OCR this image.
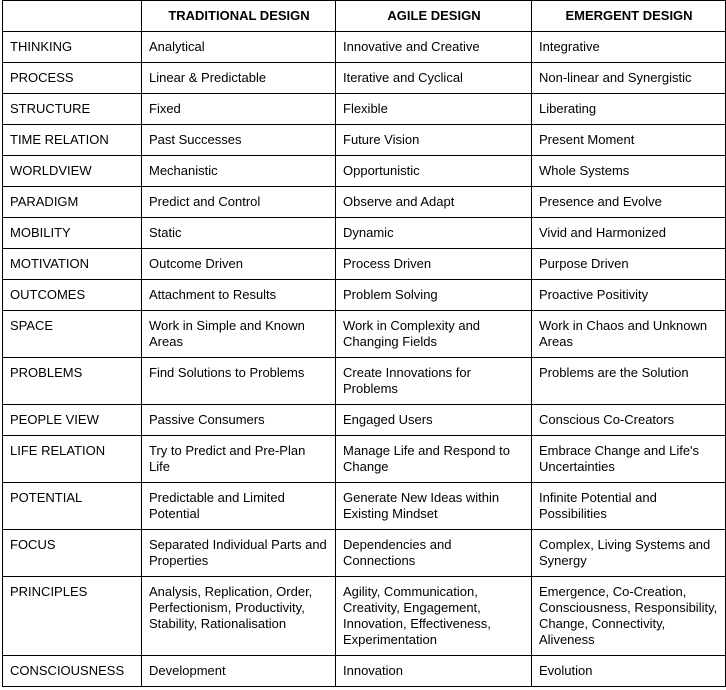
	TRADITIONAL DESIGN	AGILE DESIGN	EMERGENT DESIGN
THINKING	Analytical	Innovative and Creative	Integrative
PROCESS	Linear & Predictable	Iterative and Cyclical	Non-linear and Synergistic
STRUCTURE	Fixed	Flexible	Liberating
TIME RELATION	Past Successes	Future Vision	Present Moment
WORLDVIEW	Mechanistic	Opportunistic	Whole Systems
PARADIGM	Predict and Control	Observe and Adapt	Presence and Evolve
MOBILITY	Static	Dynamic	Vivid and Harmonized
MOTIVATION	Outcome Driven	Process Driven	Purpose Driven
OUTCOMES	Attachment to Results	Problem Solving	Proactive Positivity
SPACE	Work in Simple and Known Areas	Work in Complexity and Changing Fields	Work in Chaos and Unknown Areas
PROBLEMS	Find Solutions to Problems	Create Innovations for Problems	Problems are the Solution
PEOPLE VIEW	Passive Consumers	Engaged Users	Conscious Co-Creators
LIFE RELATION	Try to Predict and Pre-Plan Life	Manage Life and Respond to Change	Embrace Change and Life's Uncertainties
POTENTIAL	Predictable and Limited Potential	Generate New Ideas within Existing Mindset	Infinite Potential and Possibilities
FOCUS	Separated Individual Parts and Properties	Dependencies and Connections	Complex, Living Systems and Synergy
PRINCIPLES	Analysis, Replication, Order, Perfectionism, Productivity, Stability, Rationalisation	Agility, Communication, Creativity, Engagement, Innovation, Effectiveness, Experimentation	Emergence, Co-Creation, Consciousness, Responsibility, Change, Connectivity, Aliveness
CONSCIOUSNESS	Development	Innovation	Evolution
